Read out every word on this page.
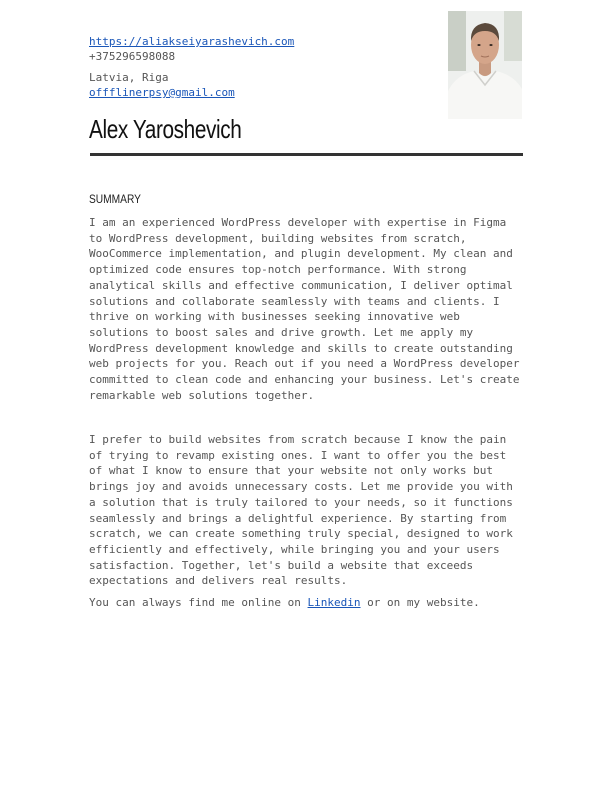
https://aliakseiyarashevich.com
+375296598088
Latvia, Riga
offflinerpsy@gmail.com
Alex Yaroshevich
SUMMARY

I am an experienced WordPress developer with expertise in Figma
to WordPress development, building websites from scratch,
WooCommerce implementation, and plugin development. My clean and
optimized code ensures top-notch performance. With strong
analytical skills and effective communication, I deliver optimal
solutions and collaborate seamlessly with teams and clients. I
thrive on working with businesses seeking innovative web
solutions to boost sales and drive growth. Let me apply my
WordPress development knowledge and skills to create outstanding
web projects for you. Reach out if you need a WordPress developer
committed to clean code and enhancing your business. Let's create
remarkable web solutions together.

I prefer to build websites from scratch because I know the pain
of trying to revamp existing ones. I want to offer you the best
of what I know to ensure that your website not only works but
brings joy and avoids unnecessary costs. Let me provide you with
a solution that is truly tailored to your needs, so it functions
seamlessly and brings a delightful experience. By starting from
scratch, we can create something truly special, designed to work
efficiently and effectively, while bringing you and your users
satisfaction. Together, let's build a website that exceeds
expectations and delivers real results.

You can always find me online on Linkedin or on my website.
